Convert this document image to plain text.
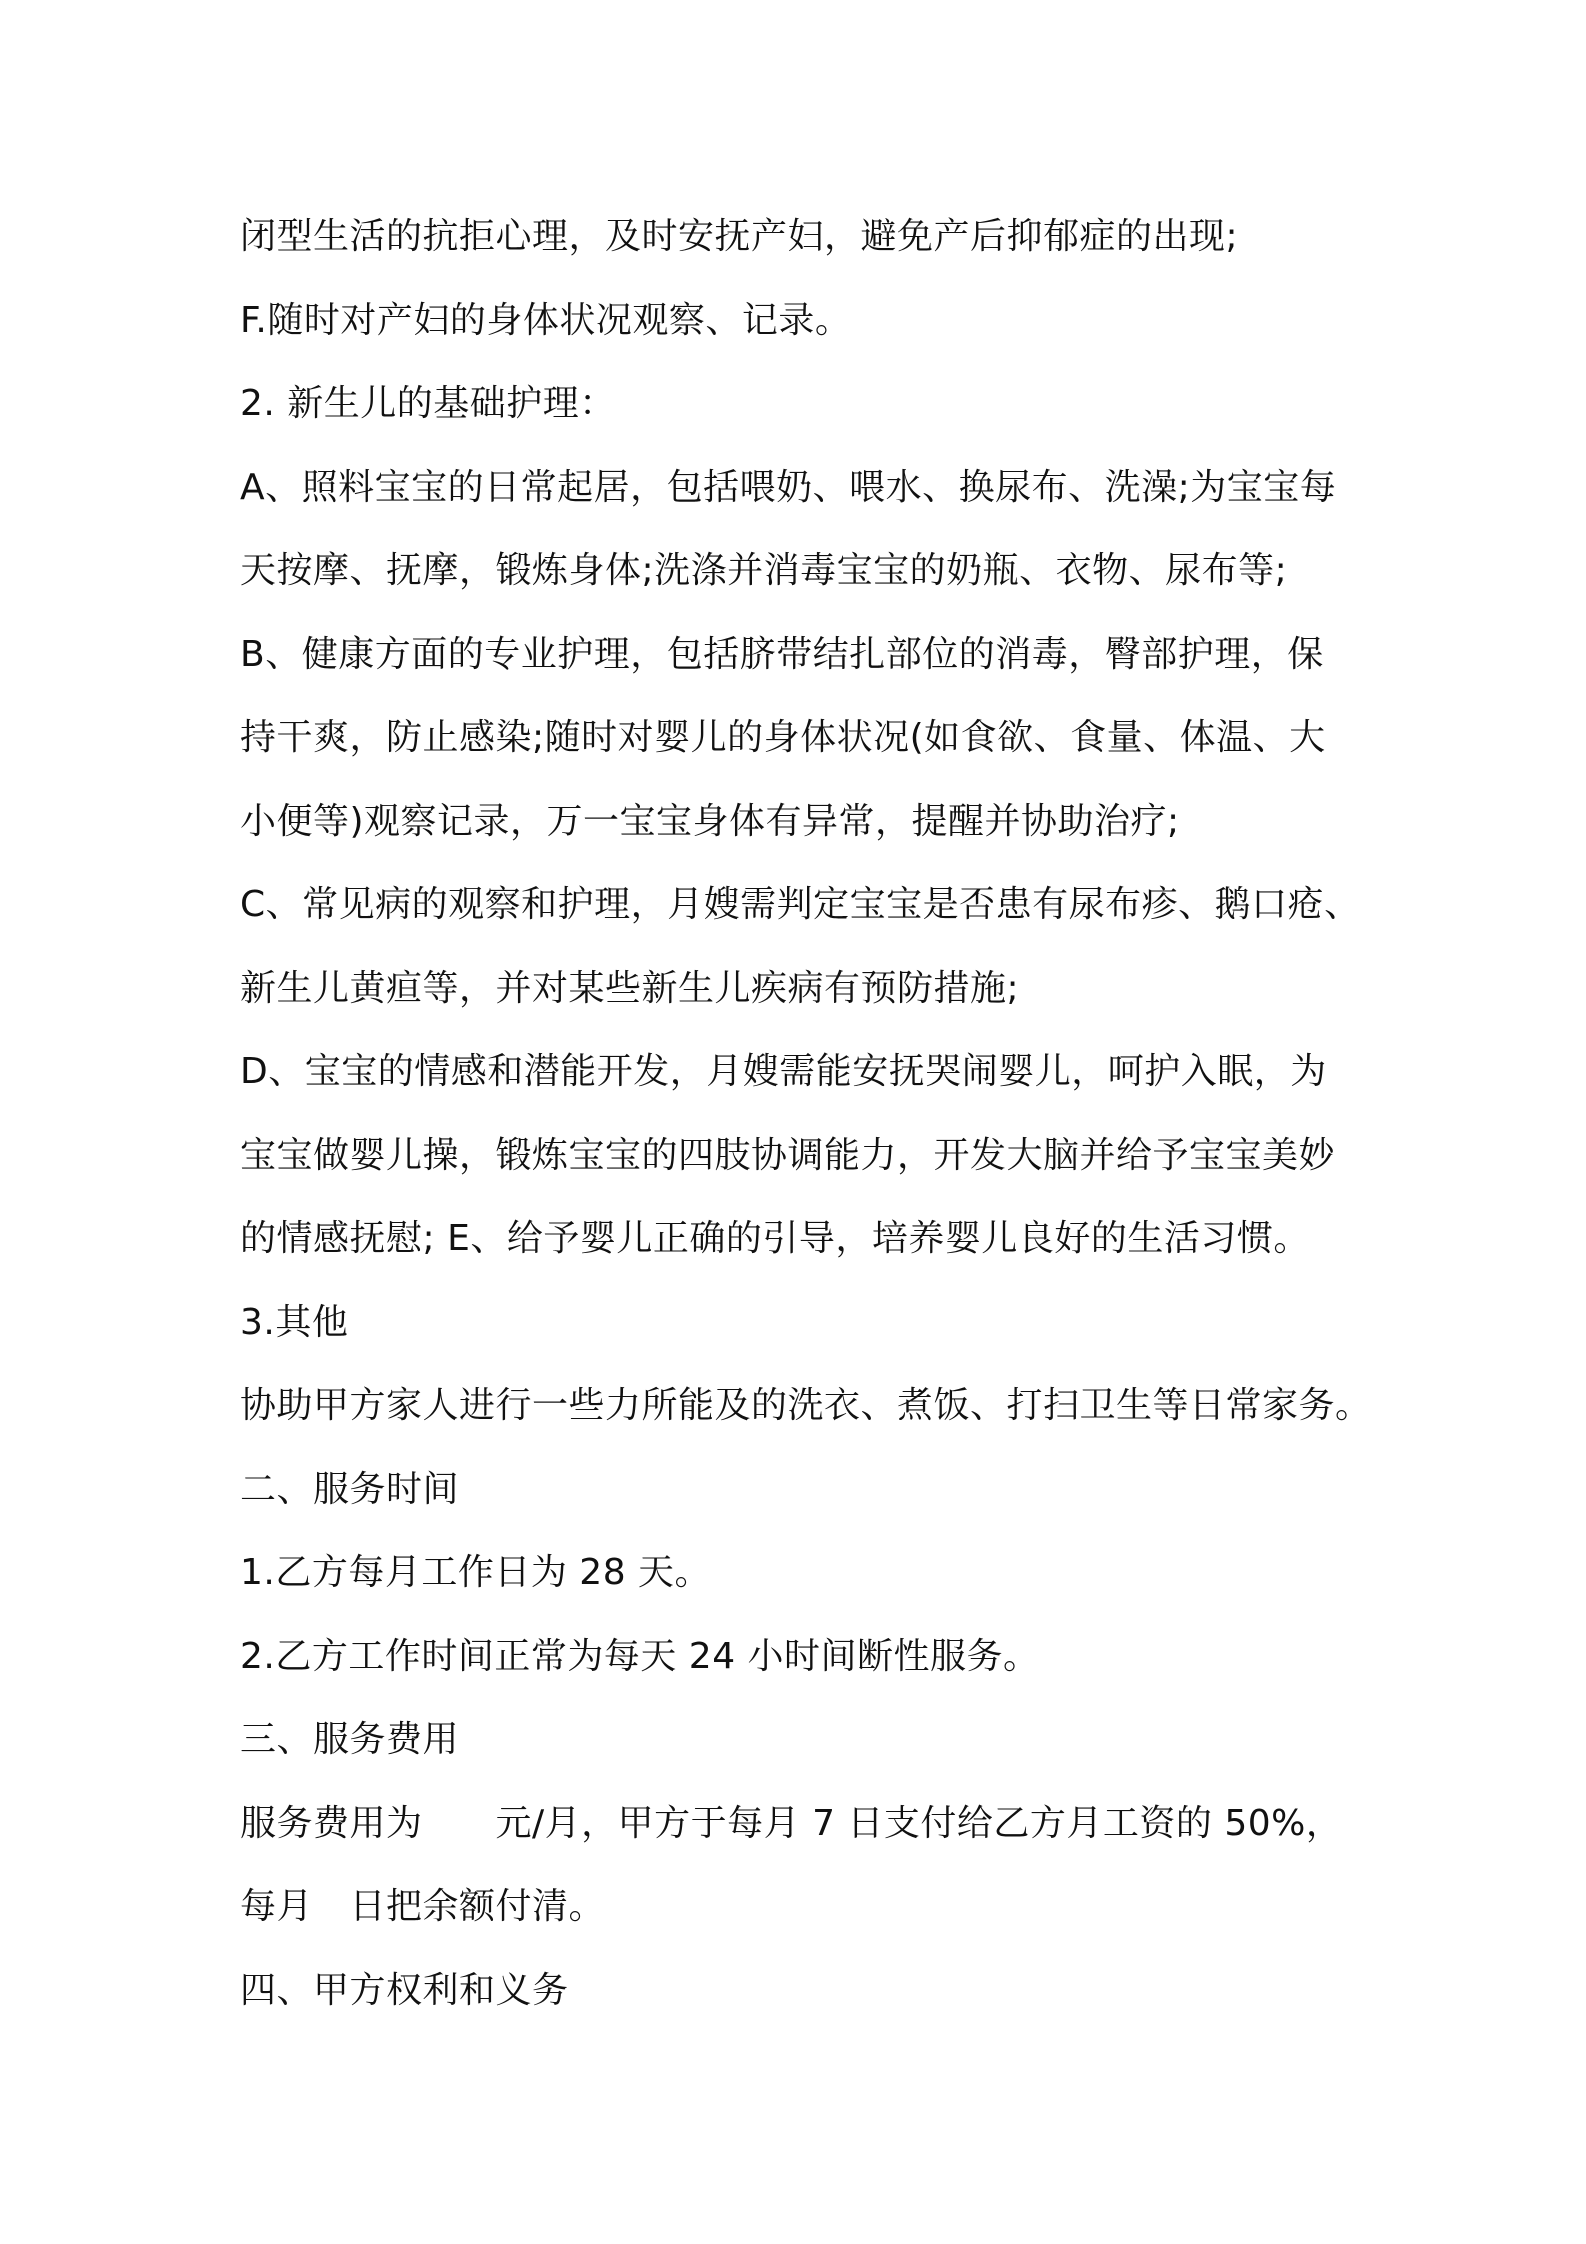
闭型生活的抗拒心理，及时安抚产妇，避免产后抑郁症的出现;
F.随时对产妇的身体状况观察、记录。
2. 新生儿的基础护理：
A、照料宝宝的日常起居，包括喂奶、喂水、换尿布、洗澡;为宝宝每
天按摩、抚摩，锻炼身体;洗涤并消毒宝宝的奶瓶、衣物、尿布等;
B、健康方面的专业护理，包括脐带结扎部位的消毒，臀部护理，保
持干爽，防止感染;随时对婴儿的身体状况(如食欲、食量、体温、大
小便等)观察记录，万一宝宝身体有异常，提醒并协助治疗;
C、常见病的观察和护理，月嫂需判定宝宝是否患有尿布疹、鹅口疮、
新生儿黄疸等，并对某些新生儿疾病有预防措施;
D、宝宝的情感和潜能开发，月嫂需能安抚哭闹婴儿，呵护入眠，为
宝宝做婴儿操，锻炼宝宝的四肢协调能力，开发大脑并给予宝宝美妙
的情感抚慰; E、给予婴儿正确的引导，培养婴儿良好的生活习惯。
3.其他
协助甲方家人进行一些力所能及的洗衣、煮饭、打扫卫生等日常家务。
二、服务时间
1.乙方每月工作日为 28 天。
2.乙方工作时间正常为每天 24 小时间断性服务。
三、服务费用
服务费用为　　元/月，甲方于每月 7 日支付给乙方月工资的 50%，
每月　日把余额付清。
四、甲方权利和义务
